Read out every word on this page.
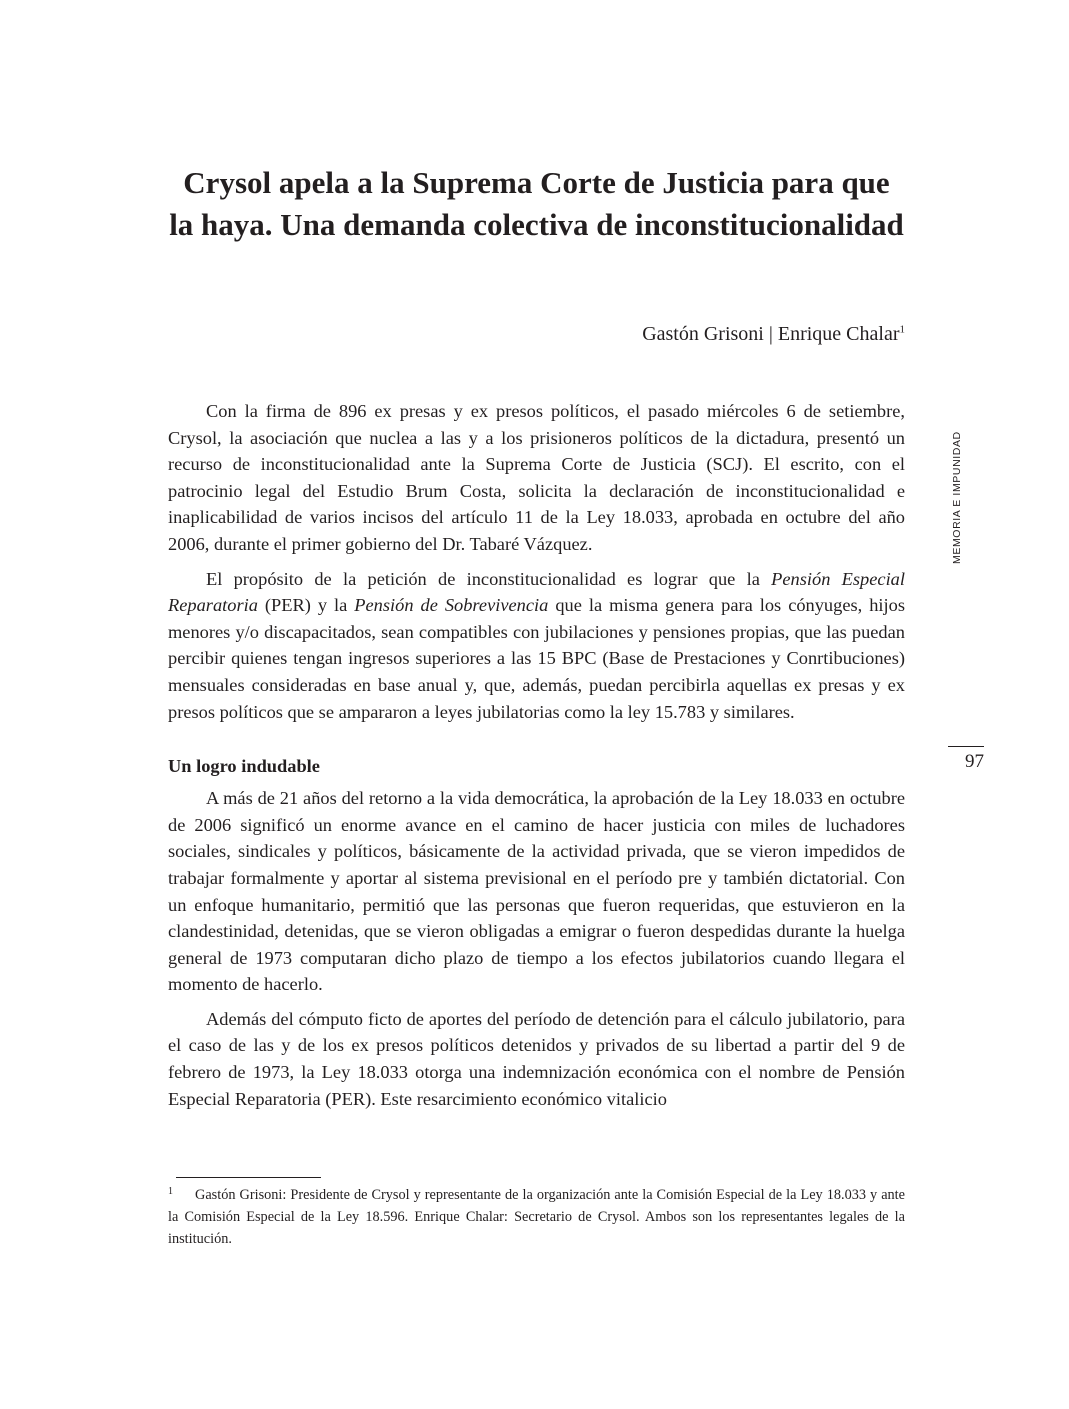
Crysol apela a la Suprema Corte de Justicia para que la haya. Una demanda colectiva de inconstitucionalidad
Gastón Grisoni | Enrique Chalar$^1$

Con la firma de 896 ex presas y ex presos políticos, el pasado miércoles 6 de setiembre, Crysol, la asociación que nuclea a las y a los prisioneros políticos de la dictadura, presentó un recurso de inconstitucionalidad ante la Suprema Corte de Justicia (SCJ). El escrito, con el patrocinio legal del Estudio Brum Costa, solicita la declaración de inconstitucionalidad e inaplicabilidad de varios incisos del artículo 11 de la Ley 18.033, aprobada en octubre del año 2006, durante el primer gobierno del Dr. Tabaré Vázquez.

El propósito de la petición de inconstitucionalidad es lograr que la Pensión Especial Reparatoria (PER) y la Pensión de Sobrevivencia que la misma genera para los cónyuges, hijos menores y/o discapacitados, sean compatibles con jubilaciones y pensiones propias, que las puedan percibir quienes tengan ingresos superiores a las 15 BPC (Base de Prestaciones y Conrtibuciones) mensuales consideradas en base anual y, que, además, puedan percibirla aquellas ex presas y ex presos políticos que se ampararon a leyes jubilatorias como la ley 15.783 y similares.

Un logro indudable

A más de 21 años del retorno a la vida democrática, la aprobación de la Ley 18.033 en octubre de 2006 significó un enorme avance en el camino de hacer justicia con miles de luchadores sociales, sindicales y políticos, básicamente de la actividad privada, que se vieron impedidos de trabajar formalmente y aportar al sistema previsional en el período pre y también dictatorial. Con un enfoque humanitario, permitió que las personas que fueron requeridas, que estuvieron en la clandestinidad, detenidas, que se vieron obligadas a emigrar o fueron despedidas durante la huelga general de 1973 computaran dicho plazo de tiempo a los efectos jubilatorios cuando llegara el momento de hacerlo.

Además del cómputo ficto de aportes del período de detención para el cálculo jubilatorio, para el caso de las y de los ex presos políticos detenidos y privados de su libertad a partir del 9 de febrero de 1973, la Ley 18.033 otorga una indemnización económica con el nombre de Pensión Especial Reparatoria (PER). Este resarcimiento económico vitalicio

MEMORIA E IMPUNIDAD
97
1 Gastón Grisoni: Presidente de Crysol y representante de la organización ante la Comisión Especial de la Ley 18.033 y ante la Comisión Especial de la Ley 18.596. Enrique Chalar: Secretario de Crysol. Ambos son los representantes legales de la institución.
